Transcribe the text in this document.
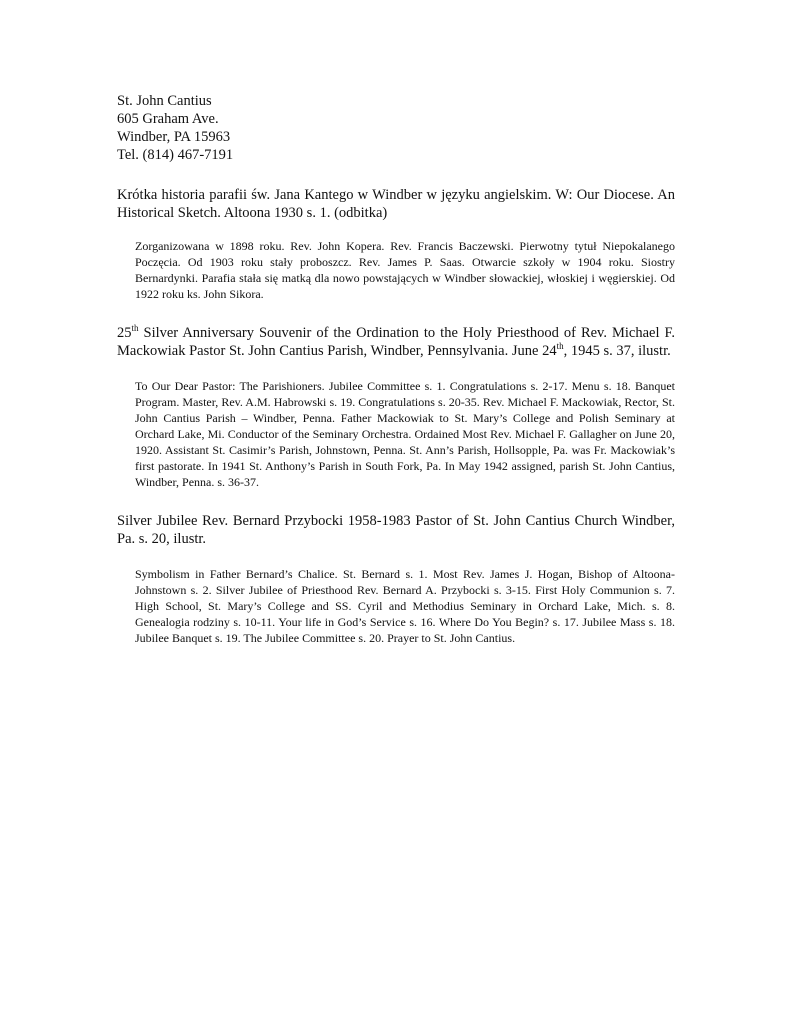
St. John Cantius
605 Graham Ave.
Windber, PA 15963
Tel. (814) 467-7191

Krótka historia parafii św. Jana Kantego w Windber w języku angielskim. W: Our Diocese. An Historical Sketch. Altoona 1930 s. 1. (odbitka)

Zorganizowana w 1898 roku. Rev. John Kopera. Rev. Francis Baczewski. Pierwotny tytuł Niepokalanego Poczęcia. Od 1903 roku stały proboszcz. Rev. James P. Saas. Otwarcie szkoły w 1904 roku. Siostry Bernardynki. Parafia stała się matką dla nowo powstających w Windber słowackiej, włoskiej i węgierskiej. Od 1922 roku ks. John Sikora.

25th Silver Anniversary Souvenir of the Ordination to the Holy Priesthood of Rev. Michael F. Mackowiak Pastor St. John Cantius Parish, Windber, Pennsylvania. June 24th, 1945 s. 37, ilustr.

To Our Dear Pastor: The Parishioners. Jubilee Committee s. 1. Congratulations s. 2-17. Menu s. 18. Banquet Program. Master, Rev. A.M. Habrowski s. 19. Congratulations s. 20-35. Rev. Michael F. Mackowiak, Rector, St. John Cantius Parish – Windber, Penna. Father Mackowiak to St. Mary’s College and Polish Seminary at Orchard Lake, Mi. Conductor of the Seminary Orchestra. Ordained Most Rev. Michael F. Gallagher on June 20, 1920. Assistant St. Casimir’s Parish, Johnstown, Penna. St. Ann’s Parish, Hollsopple, Pa. was Fr. Mackowiak’s first pastorate. In 1941 St. Anthony’s Parish in South Fork, Pa. In May 1942 assigned, parish St. John Cantius, Windber, Penna. s. 36-37.

Silver Jubilee Rev. Bernard Przybocki 1958-1983 Pastor of St. John Cantius Church Windber, Pa. s. 20, ilustr.

Symbolism in Father Bernard’s Chalice. St. Bernard s. 1. Most Rev. James J. Hogan, Bishop of Altoona-Johnstown s. 2. Silver Jubilee of Priesthood Rev. Bernard A. Przybocki s. 3-15. First Holy Communion s. 7. High School, St. Mary’s College and SS. Cyril and Methodius Seminary in Orchard Lake, Mich. s. 8. Genealogia rodziny s. 10-11. Your life in God’s Service s. 16. Where Do You Begin? s. 17. Jubilee Mass s. 18. Jubilee Banquet s. 19. The Jubilee Committee s. 20. Prayer to St. John Cantius.
